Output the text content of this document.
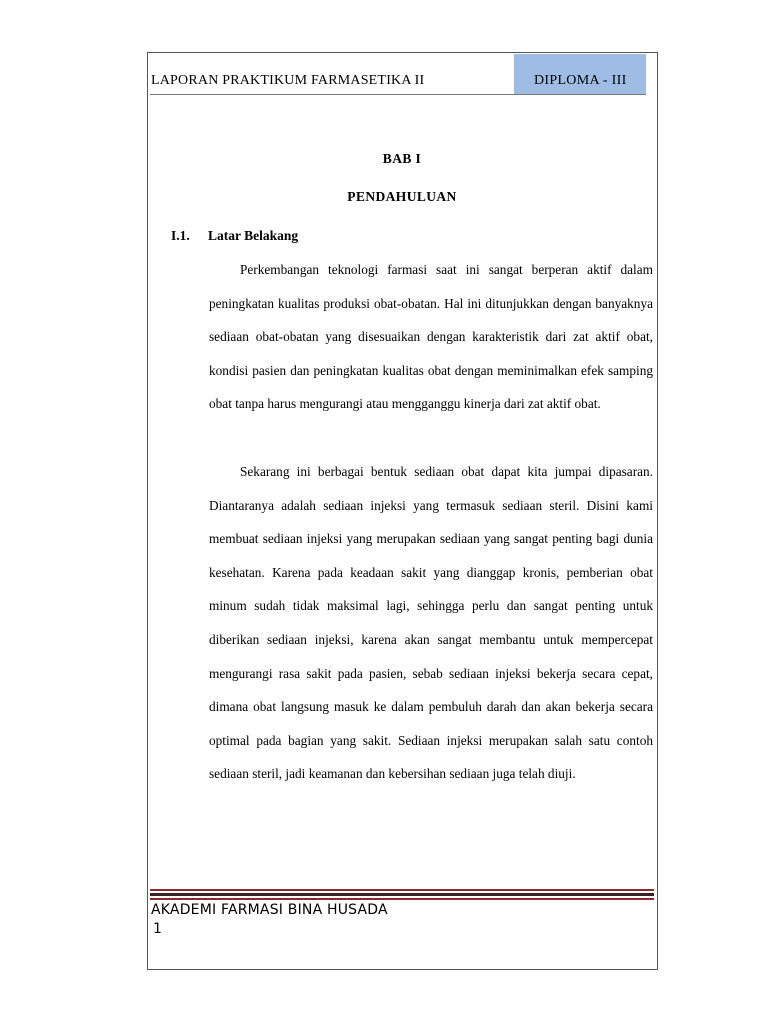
LAPORAN PRAKTIKUM FARMASETIKA II	DIPLOMA - III
BAB I
PENDAHULUAN
I.1. Latar Belakang

Perkembangan teknologi farmasi saat ini sangat berperan aktif dalam peningkatan kualitas produksi obat-obatan. Hal ini ditunjukkan dengan banyaknya sediaan obat-obatan yang disesuaikan dengan karakteristik dari zat aktif obat, kondisi pasien dan peningkatan kualitas obat dengan meminimalkan efek samping obat tanpa harus mengurangi atau mengganggu kinerja dari zat aktif obat.

Sekarang ini berbagai bentuk sediaan obat dapat kita jumpai dipasaran. Diantaranya adalah sediaan injeksi yang termasuk sediaan steril. Disini kami membuat sediaan injeksi yang merupakan sediaan yang sangat penting bagi dunia kesehatan. Karena pada keadaan sakit yang dianggap kronis, pemberian obat minum sudah tidak maksimal lagi, sehingga perlu dan sangat penting untuk diberikan sediaan injeksi, karena akan sangat membantu untuk mempercepat mengurangi rasa sakit pada pasien, sebab sediaan injeksi bekerja secara cepat, dimana obat langsung masuk ke dalam pembuluh darah dan akan bekerja secara optimal pada bagian yang sakit. Sediaan injeksi merupakan salah satu contoh sediaan steril, jadi keamanan dan kebersihan sediaan juga telah diuji.

AKADEMI FARMASI BINA HUSADA
1
